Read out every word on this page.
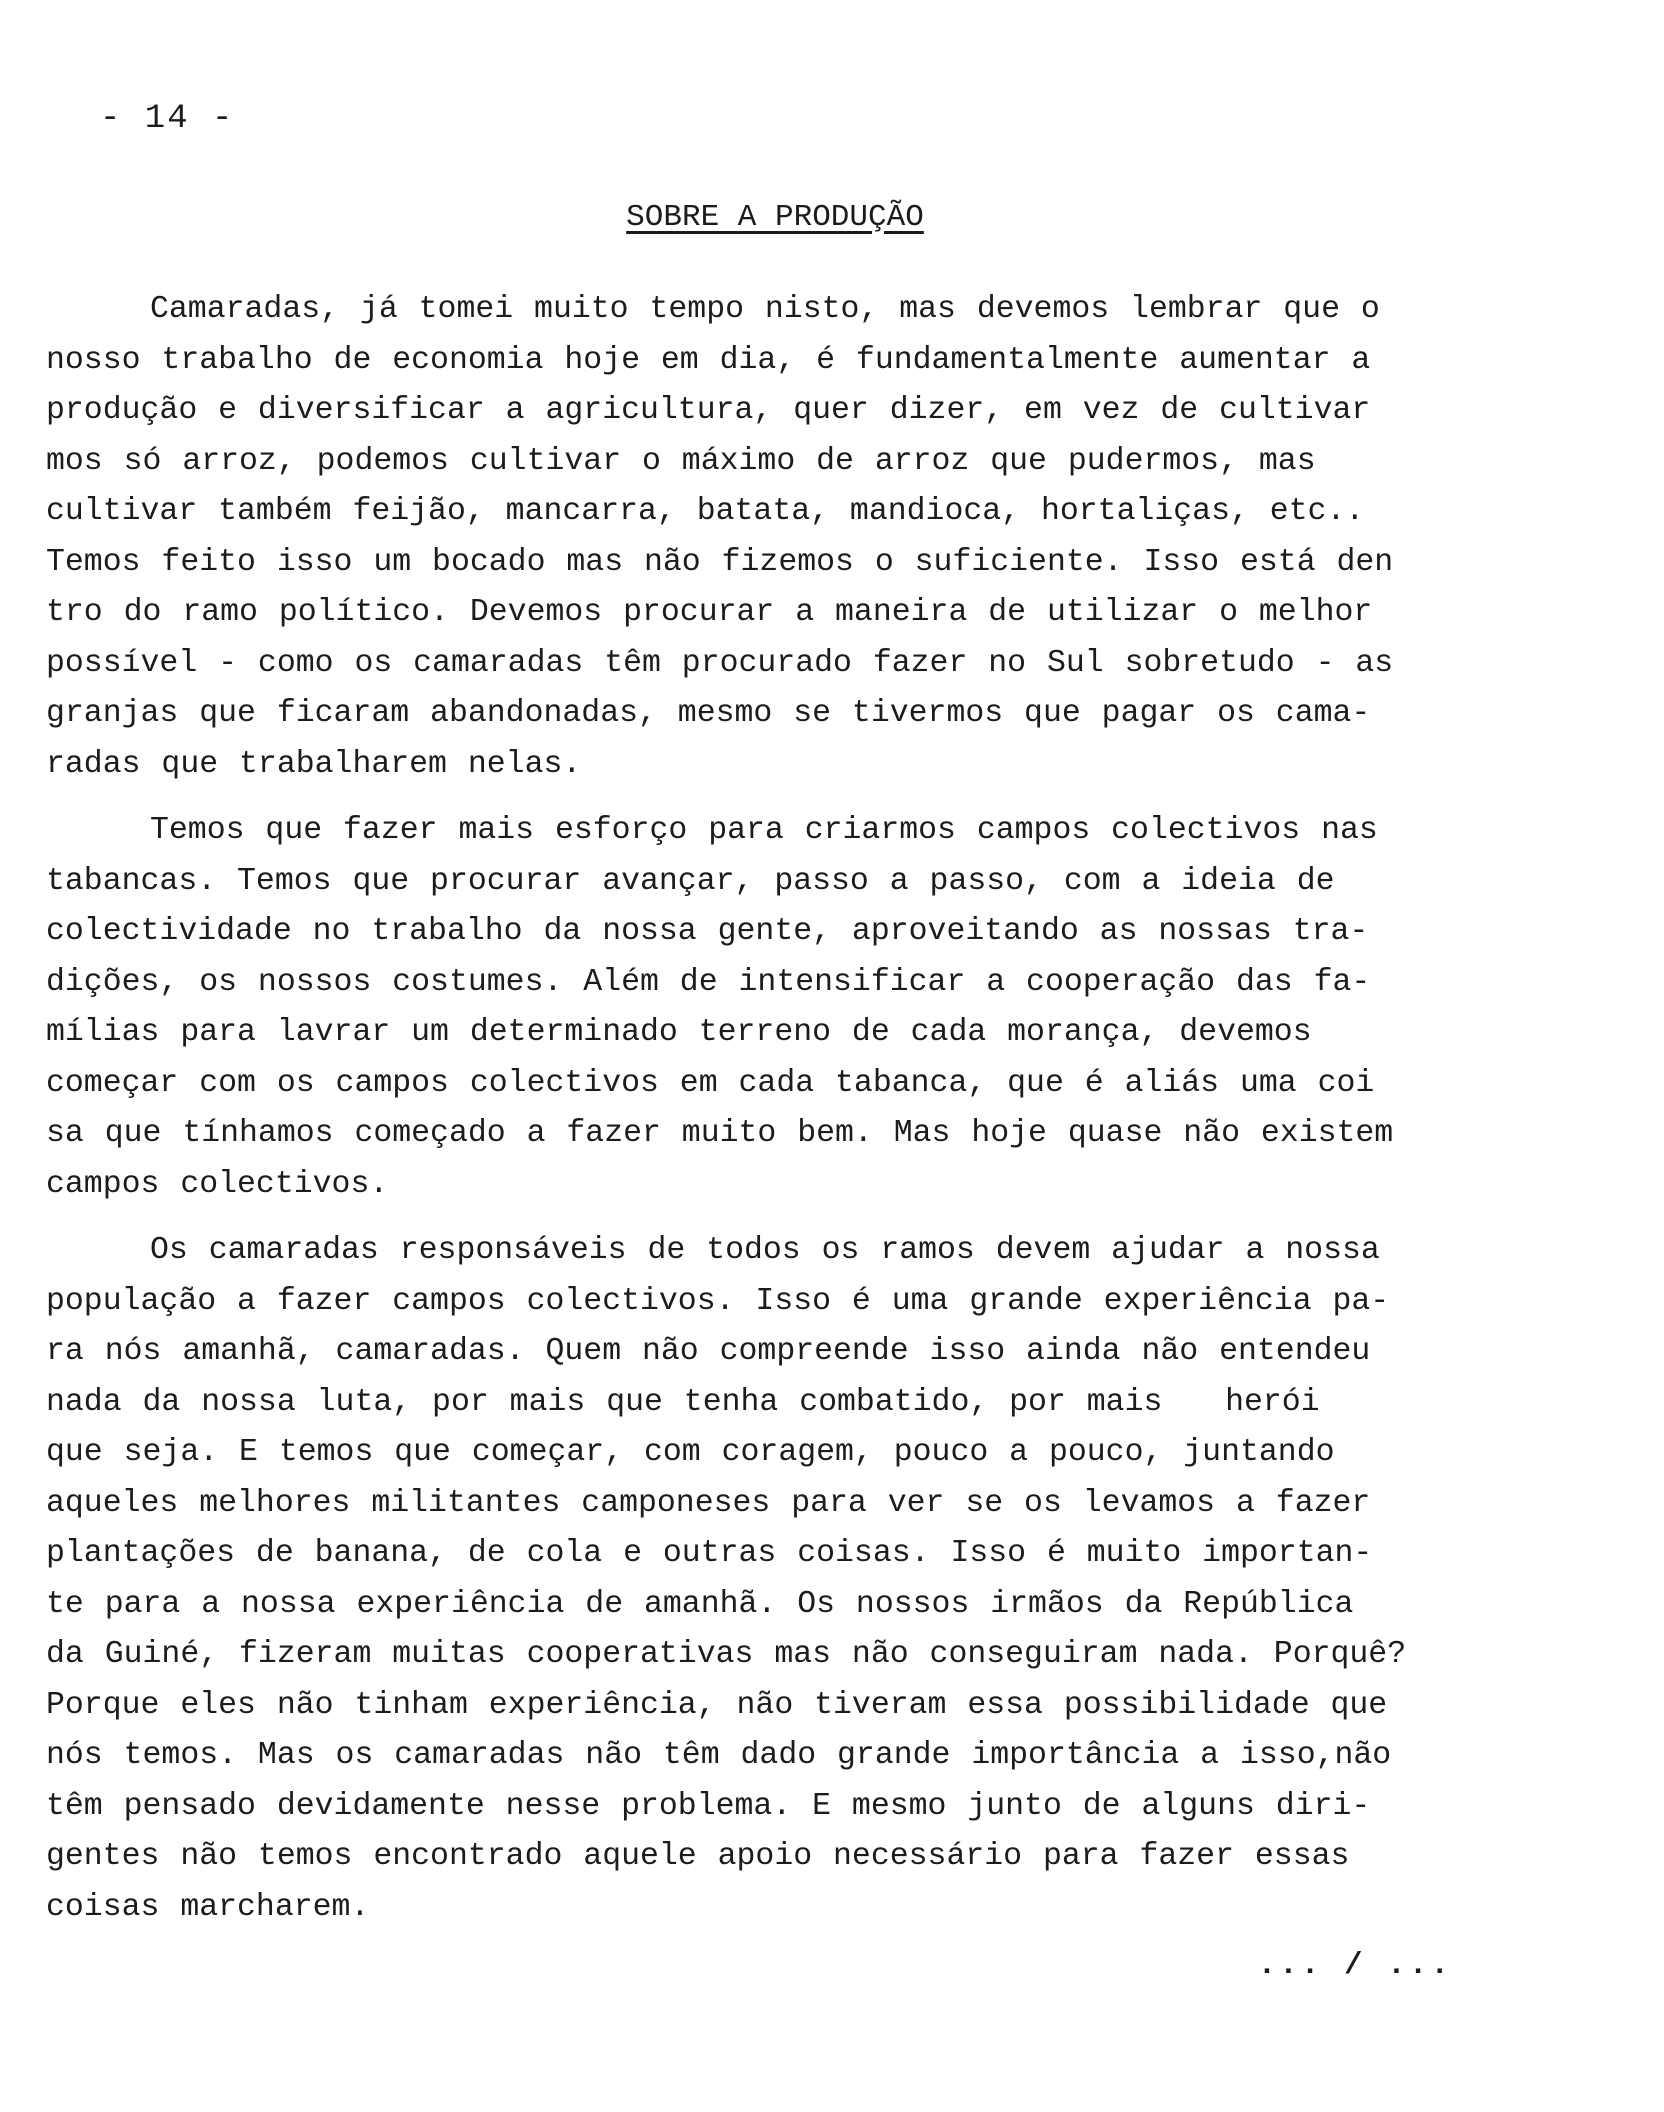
- 14 -
SOBRE A PRODUÇÃO
Camaradas, já tomei muito tempo nisto, mas devemos lembrar que o
nosso trabalho de economia hoje em dia, é fundamentalmente aumentar a
produção e diversificar a agricultura, quer dizer, em vez de cultivar
mos só arroz, podemos cultivar o máximo de arroz que pudermos, mas
cultivar também feijão, mancarra, batata, mandioca, hortaliças, etc..
Temos feito isso um bocado mas não fizemos o suficiente. Isso está den
tro do ramo político. Devemos procurar a maneira de utilizar o melhor
possível - como os camaradas têm procurado fazer no Sul sobretudo - as
granjas que ficaram abandonadas, mesmo se tivermos que pagar os cama-
radas que trabalharem nelas.
Temos que fazer mais esforço para criarmos campos colectivos nas
tabancas. Temos que procurar avançar, passo a passo, com a ideia de
colectividade no trabalho da nossa gente, aproveitando as nossas tra-
dições, os nossos costumes. Além de intensificar a cooperação das fa-
mílias para lavrar um determinado terreno de cada morança, devemos
começar com os campos colectivos em cada tabanca, que é aliás uma coi
sa que tínhamos começado a fazer muito bem. Mas hoje quase não existem
campos colectivos.
Os camaradas responsáveis de todos os ramos devem ajudar a nossa
população a fazer campos colectivos. Isso é uma grande experiência pa-
ra nós amanhã, camaradas. Quem não compreende isso ainda não entendeu
nada da nossa luta, por mais que tenha combatido, por mais   herói
que seja. E temos que começar, com coragem, pouco a pouco, juntando
aqueles melhores militantes camponeses para ver se os levamos a fazer
plantações de banana, de cola e outras coisas. Isso é muito importan-
te para a nossa experiência de amanhã. Os nossos irmãos da República
da Guiné, fizeram muitas cooperativas mas não conseguiram nada. Porquê?
Porque eles não tinham experiência, não tiveram essa possibilidade que
nós temos. Mas os camaradas não têm dado grande importância a isso,não
têm pensado devidamente nesse problema. E mesmo junto de alguns diri-
gentes não temos encontrado aquele apoio necessário para fazer essas
coisas marcharem.
... / ...
